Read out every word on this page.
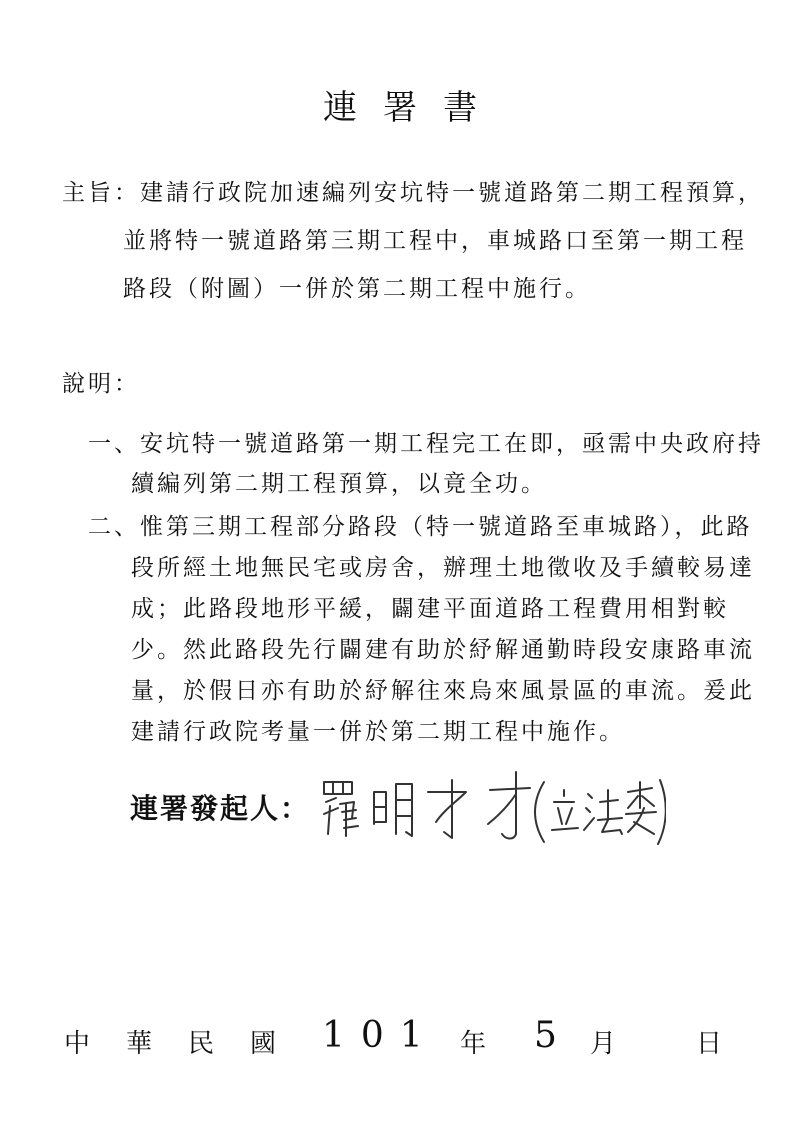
連署書
主旨：建請行政院加速編列安坑特一號道路第二期工程預算，
並將特一號道路第三期工程中，車城路口至第一期工程
路段（附圖）一併於第二期工程中施行。
說明：
一、安坑特一號道路第一期工程完工在即，亟需中央政府持
續編列第二期工程預算，以竟全功。
二、惟第三期工程部分路段（特一號道路至車城路），此路
段所經土地無民宅或房舍，辦理土地徵收及手續較易達
成；此路段地形平緩，闢建平面道路工程費用相對較
少。然此路段先行闢建有助於紓解通勤時段安康路車流
量，於假日亦有助於紓解往來烏來風景區的車流。爰此
建請行政院考量一併於第二期工程中施作。
連署發起人：
中 華 民 國 101 年 5 月	日
